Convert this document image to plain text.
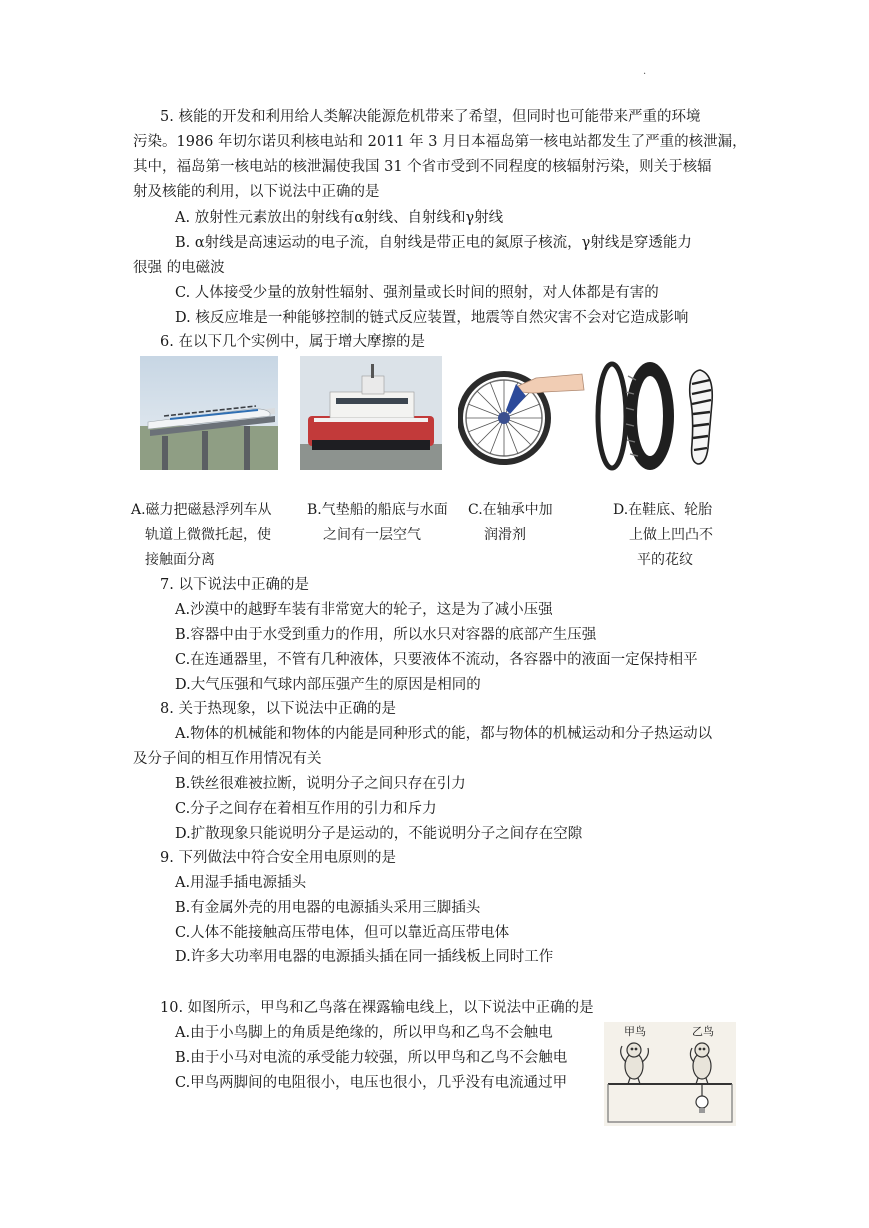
.
5. 核能的开发和利用给人类解决能源危机带来了希望，但同时也可能带来严重的环境
污染。1986 年切尔诺贝利核电站和 2011 年 3 月日本福岛第一核电站都发生了严重的核泄漏，
其中，福岛第一核电站的核泄漏使我国 31 个省市受到不同程度的核辐射污染，则关于核辐
射及核能的利用，以下说法中正确的是
A. 放射性元素放出的射线有α射线、自射线和γ射线
B. α射线是高速运动的电子流，自射线是带正电的氮原子核流，γ射线是穿透能力
很强 的电磁波
C. 人体接受少量的放射性辐射、强剂量或长时间的照射，对人体都是有害的
D. 核反应堆是一种能够控制的链式反应装置，地震等自然灾害不会对它造成影响
6. 在以下几个实例中，属于增大摩擦的是
A.磁力把磁悬浮列车从
轨道上微微托起，使
接触面分离
B.气垫船的船底与水面
之间有一层空气
C.在轴承中加
润滑剂
D.在鞋底、轮胎
上做上凹凸不
平的花纹
7. 以下说法中正确的是
A.沙漠中的越野车装有非常宽大的轮子，这是为了减小压强
B.容器中由于水受到重力的作用，所以水只对容器的底部产生压强
C.在连通器里，不管有几种液体，只要液体不流动，各容器中的液面一定保持相平
D.大气压强和气球内部压强产生的原因是相同的
8. 关于热现象，以下说法中正确的是
A.物体的机械能和物体的内能是同种形式的能，都与物体的机械运动和分子热运动以
及分子间的相互作用情况有关
B.铁丝很难被拉断，说明分子之间只存在引力
C.分子之间存在着相互作用的引力和斥力
D.扩散现象只能说明分子是运动的，不能说明分子之间存在空隙
9. 下列做法中符合安全用电原则的是
A.用湿手插电源插头
B.有金属外壳的用电器的电源插头采用三脚插头
C.人体不能接触高压带电体，但可以靠近高压带电体
D.许多大功率用电器的电源插头插在同一插线板上同时工作
10. 如图所示，甲鸟和乙鸟落在裸露输电线上，以下说法中正确的是
A.由于小鸟脚上的角质是绝缘的，所以甲鸟和乙鸟不会触电
B.由于小马对电流的承受能力较强，所以甲鸟和乙鸟不会触电
C.甲鸟两脚间的电阻很小，电压也很小，几乎没有电流通过甲
甲鸟	乙鸟
